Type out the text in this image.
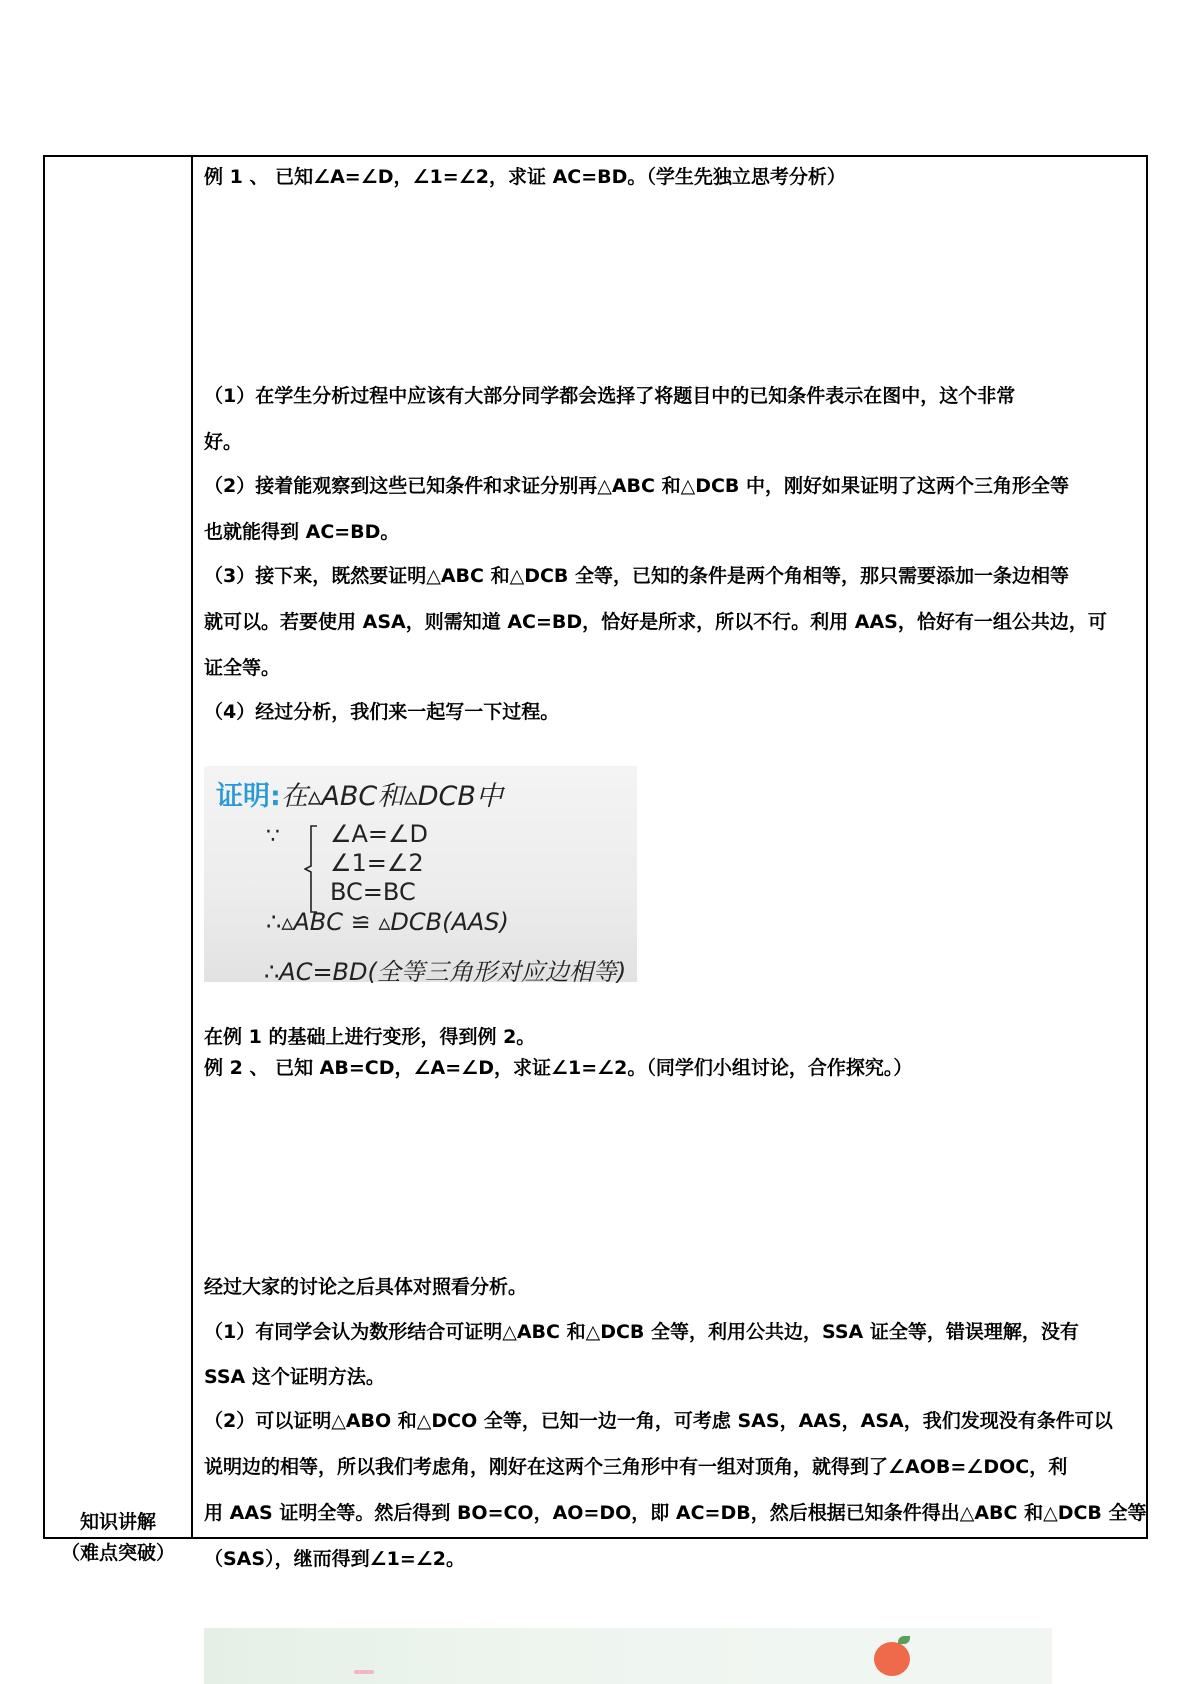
知识讲解
（难点突破）
例 1 、 已知∠A=∠D，∠1=∠2，求证 AC=BD。（学生先独立思考分析）
（1）在学生分析过程中应该有大部分同学都会选择了将题目中的已知条件表示在图中，这个非常
好。
（2）接着能观察到这些已知条件和求证分别再△ABC 和△DCB 中，刚好如果证明了这两个三角形全等
也就能得到 AC=BD。
（3）接下来，既然要证明△ABC 和△DCB 全等，已知的条件是两个角相等，那只需要添加一条边相等
就可以。若要使用 ASA，则需知道 AC=BD，恰好是所求，所以不行。利用 AAS，恰好有一组公共边，可
证全等。
（4）经过分析，我们来一起写一下过程。
证明:在▵ABC和▵DCB中
∵ ∠A=∠D
∠1=∠2
BC=BC
∴▵ABC ≌ ▵DCB(AAS)
∴AC=BD(全等三角形对应边相等)
在例 1 的基础上进行变形，得到例 2。
例 2 、 已知 AB=CD，∠A=∠D，求证∠1=∠2。（同学们小组讨论，合作探究。）
经过大家的讨论之后具体对照看分析。
（1）有同学会认为数形结合可证明△ABC 和△DCB 全等，利用公共边，SSA 证全等，错误理解，没有
SSA 这个证明方法。
（2）可以证明△ABO 和△DCO 全等，已知一边一角，可考虑 SAS，AAS，ASA，我们发现没有条件可以
说明边的相等，所以我们考虑角，刚好在这两个三角形中有一组对顶角，就得到了∠AOB=∠DOC，利
用 AAS 证明全等。然后得到 BO=CO，AO=DO，即 AC=DB，然后根据已知条件得出△ABC 和△DCB 全等
（SAS），继而得到∠1=∠2。
